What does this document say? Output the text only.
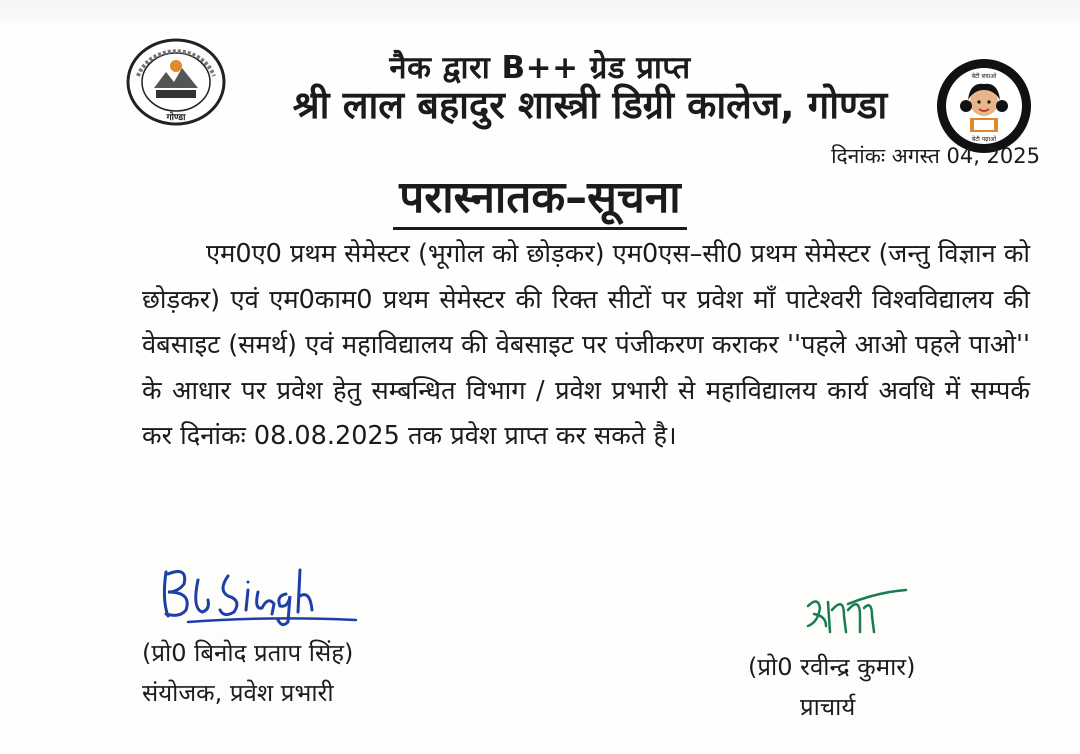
गोण्डा
बेटी बचाओ
बेटी पढ़ाओ
नैक द्वारा B++ ग्रेड प्राप्त
श्री लाल बहादुर शास्त्री डिग्री कालेज, गोण्डा
दिनांकः अगस्त 04, 2025
परास्नातक–सूचना

एम0ए0 प्रथम सेमेस्टर (भूगोल को छोड़कर) एम0एस–सी0 प्रथम सेमेस्टर (जन्तु विज्ञान को छोड़कर) एवं एम0काम0 प्रथम सेमेस्टर की रिक्त सीटों पर प्रवेश माँ पाटेश्वरी विश्वविद्यालय की वेबसाइट (समर्थ) एवं महाविद्यालय की वेबसाइट पर पंजीकरण कराकर ''पहले आओ पहले पाओ'' के आधार पर प्रवेश हेतु सम्बन्धित विभाग / प्रवेश प्रभारी से महाविद्यालय कार्य अवधि में सम्पर्क कर दिनांकः 08.08.2025 तक प्रवेश प्राप्त कर सकते है।

(प्रो0 बिनोद प्रताप सिंह)
संयोजक, प्रवेश प्रभारी
(प्रो0 रवीन्द्र कुमार)
प्राचार्य
